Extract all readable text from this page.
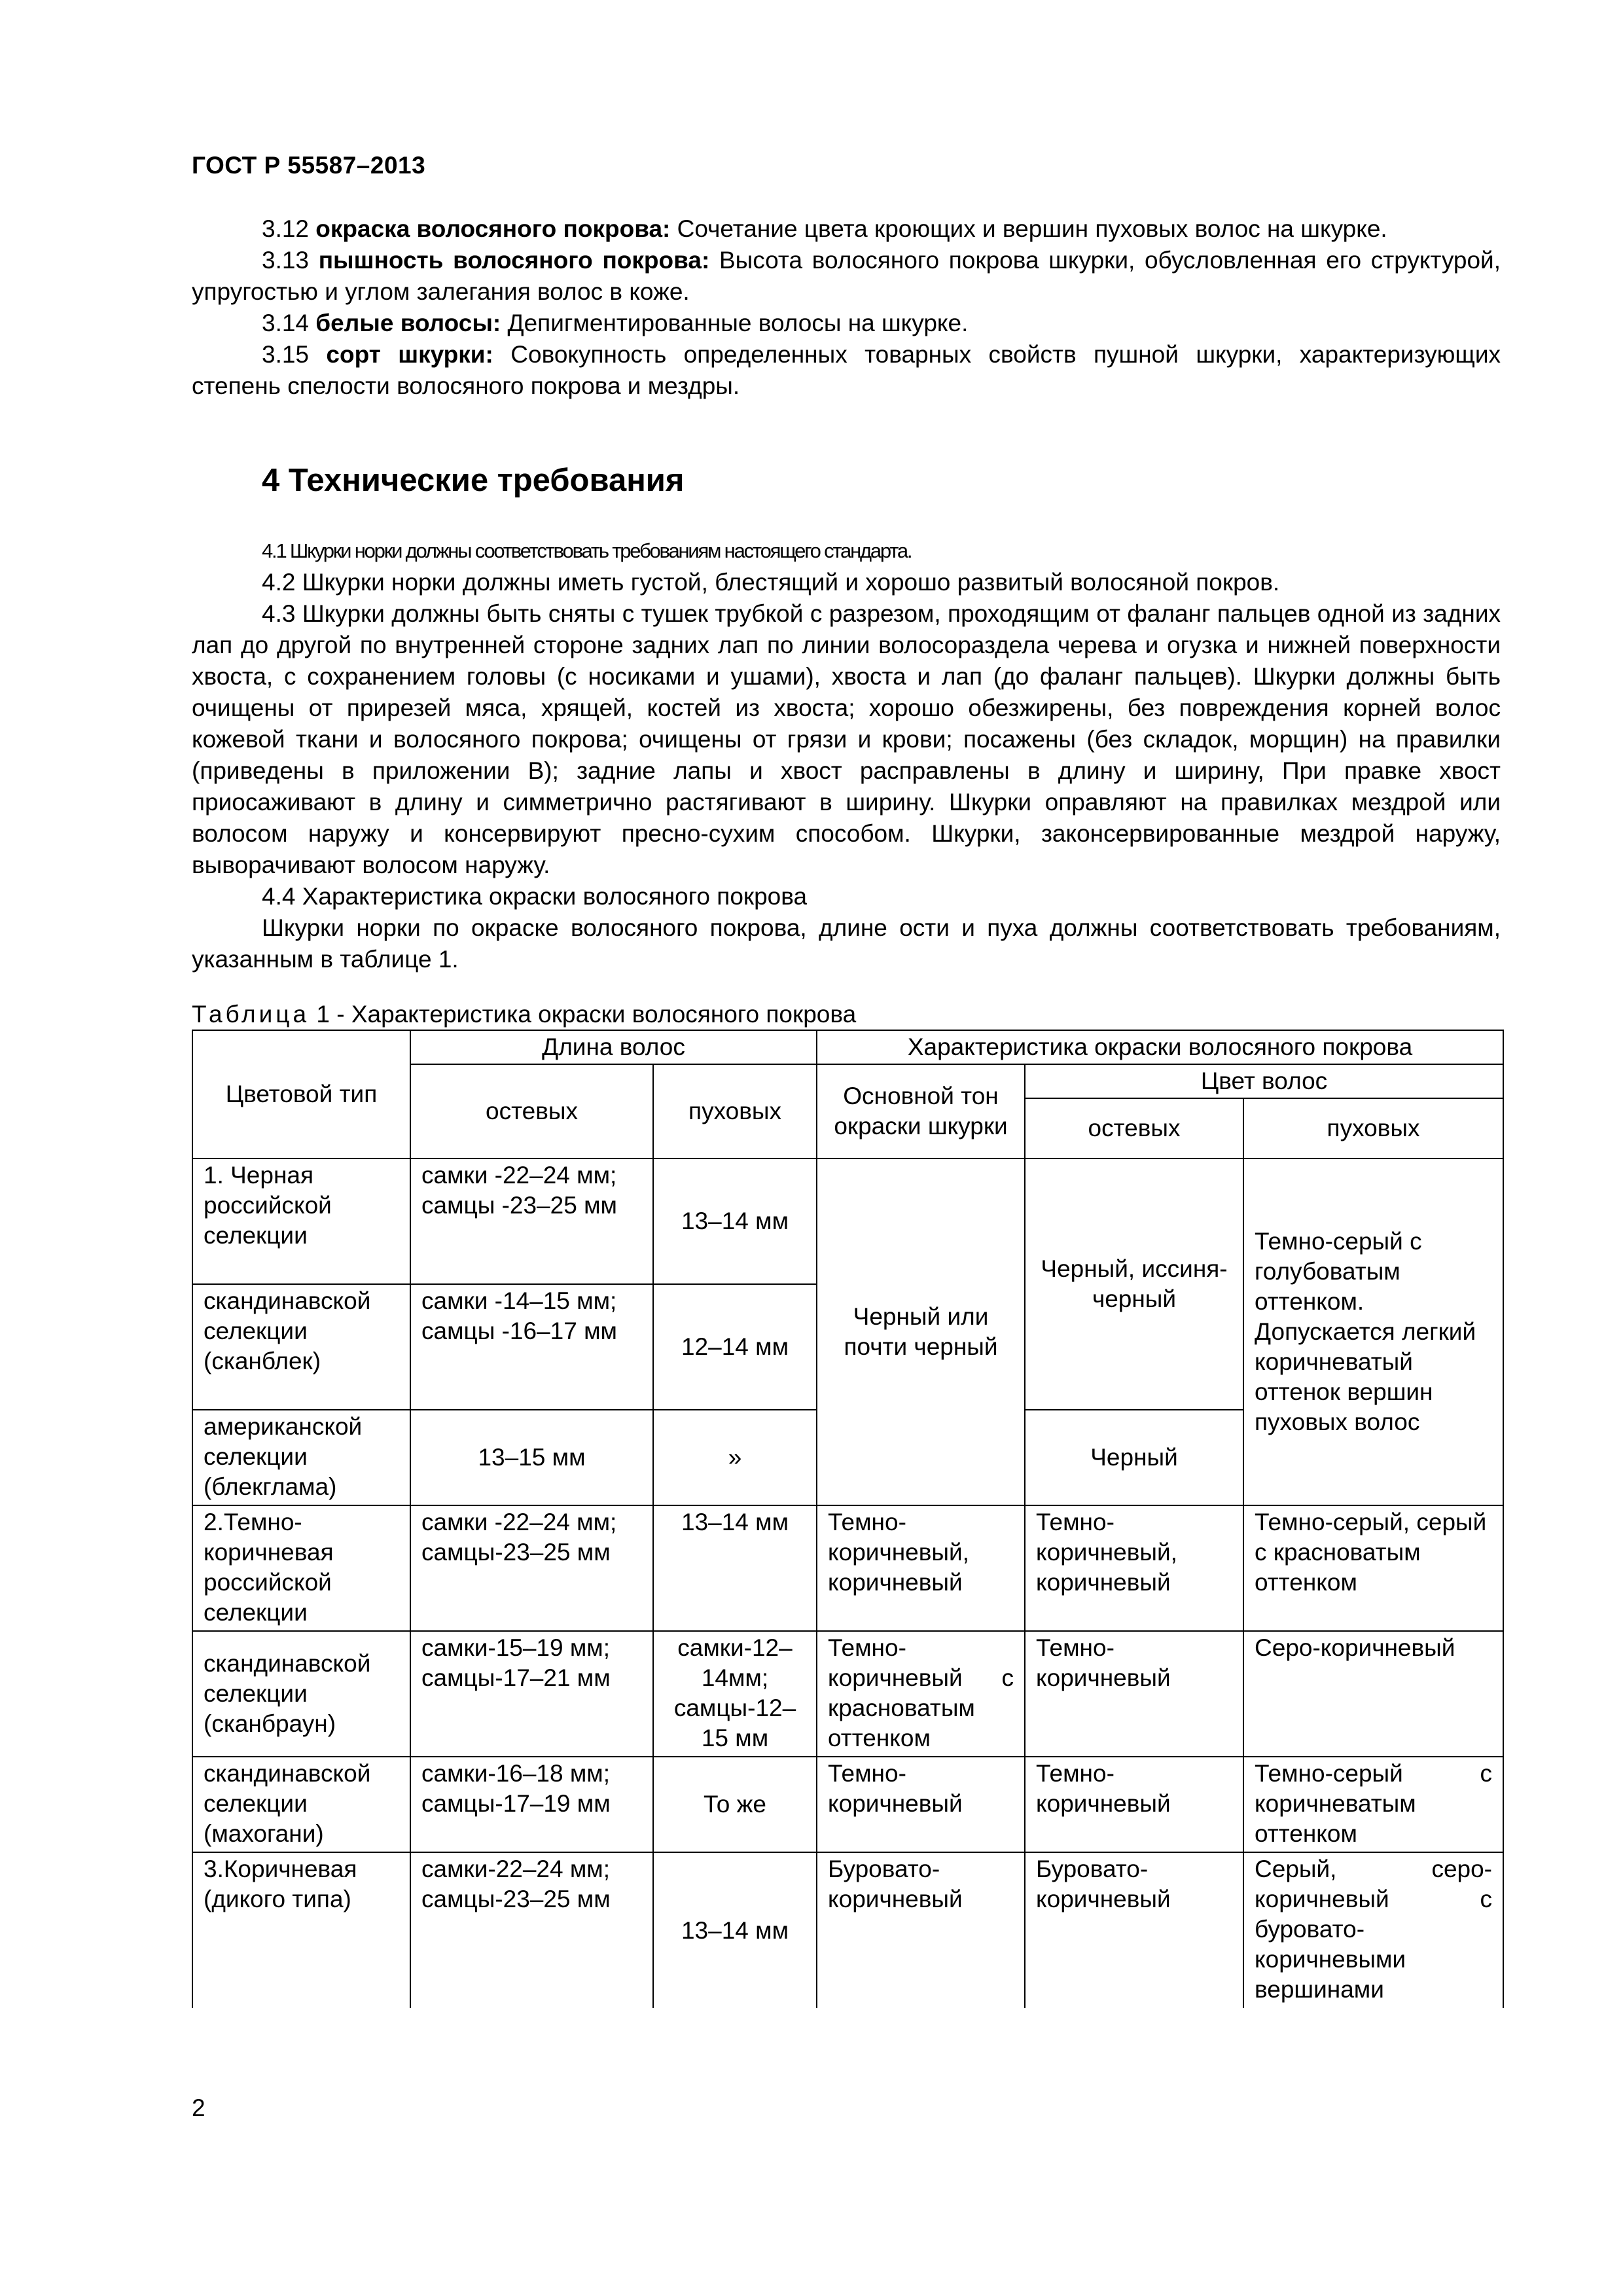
ГОСТ Р 55587–2013

3.12 окраска волосяного покрова: Сочетание цвета кроющих и вершин пуховых волос на шкурке.

3.13 пышность волосяного покрова: Высота волосяного покрова шкурки, обусловленная его структурой, упругостью и углом залегания волос в коже.

3.14 белые волосы: Депигментированные волосы на шкурке.

3.15 сорт шкурки: Совокупность определенных товарных свойств пушной шкурки, характеризующих степень спелости волосяного покрова и мездры.

4 Технические требования

4.1 Шкурки норки должны соответствовать требованиям настоящего стандарта.

4.2 Шкурки норки должны иметь густой, блестящий и хорошо развитый волосяной покров.

4.3 Шкурки должны быть сняты с тушек трубкой с разрезом, проходящим от фаланг пальцев одной из задних лап до другой по внутренней стороне задних лап по линии волосораздела черева и огузка и нижней поверхности хвоста, с сохранением головы (с носиками и ушами), хвоста и лап (до фаланг пальцев). Шкурки должны быть очищены от прирезей мяса, хрящей, костей из хвоста; хорошо обезжирены, без повреждения корней волос кожевой ткани и волосяного покрова; очищены от грязи и крови; посажены (без складок, морщин) на правилки (приведены в приложении В); задние лапы и хвост расправлены в длину и ширину, При правке хвост приосаживают в длину и симметрично растягивают в ширину. Шкурки оправляют на правилках мездрой или волосом наружу и консервируют пресно-сухим способом. Шкурки, законсервированные мездрой наружу, выворачивают волосом наружу.

4.4 Характеристика окраски волосяного покрова

Шкурки норки по окраске волосяного покрова, длине ости и пуха должны соответствовать требованиям, указанным в таблице 1.

Таблица 1 - Характеристика окраски волосяного покрова
Цветовой тип	Длина волос		Характеристика окраски волосяного покрова		
	остевых	пуховых	Основной тон окраски шкурки	Цвет волос	
				остевых	пуховых
1. Черная российской селекции	самки -22–24 мм; самцы -23–25 мм	13–14 мм	Черный или почти черный	Черный, иссиня-черный	Темно-серый с голубоватым оттенком. Допускается легкий коричневатый оттенок вершин пуховых волос
скандинавской селекции (сканблек)	самки -14–15 мм; самцы -16–17 мм	12–14 мм			
американской селекции (блекглама)	13–15 мм	»		Черный	
2.Темно-коричневая российской селекции	самки -22–24 мм; самцы-23–25 мм	13–14 мм	Темно-коричневый, коричневый	Темно-коричневый, коричневый	Темно-серый, серый с красноватым оттенком
скандинавской селекции (сканбраун)	самки-15–19 мм; самцы-17–21 мм	самки-12–14мм; самцы-12–15 мм	Темно-коричневый с красноватым оттенком	Темно-коричневый	Серо-коричневый
скандинавской селекции (махогани)	самки-16–18 мм; самцы-17–19 мм	То же	Темно-коричневый	Темно-коричневый	Темно-серый с коричневатым оттенком
3.Коричневая (дикого типа)	самки-22–24 мм; самцы-23–25 мм	13–14 мм	Буровато-коричневый	Буровато-коричневый	Серый, серо-коричневый с буровато-коричневыми вершинами
2
